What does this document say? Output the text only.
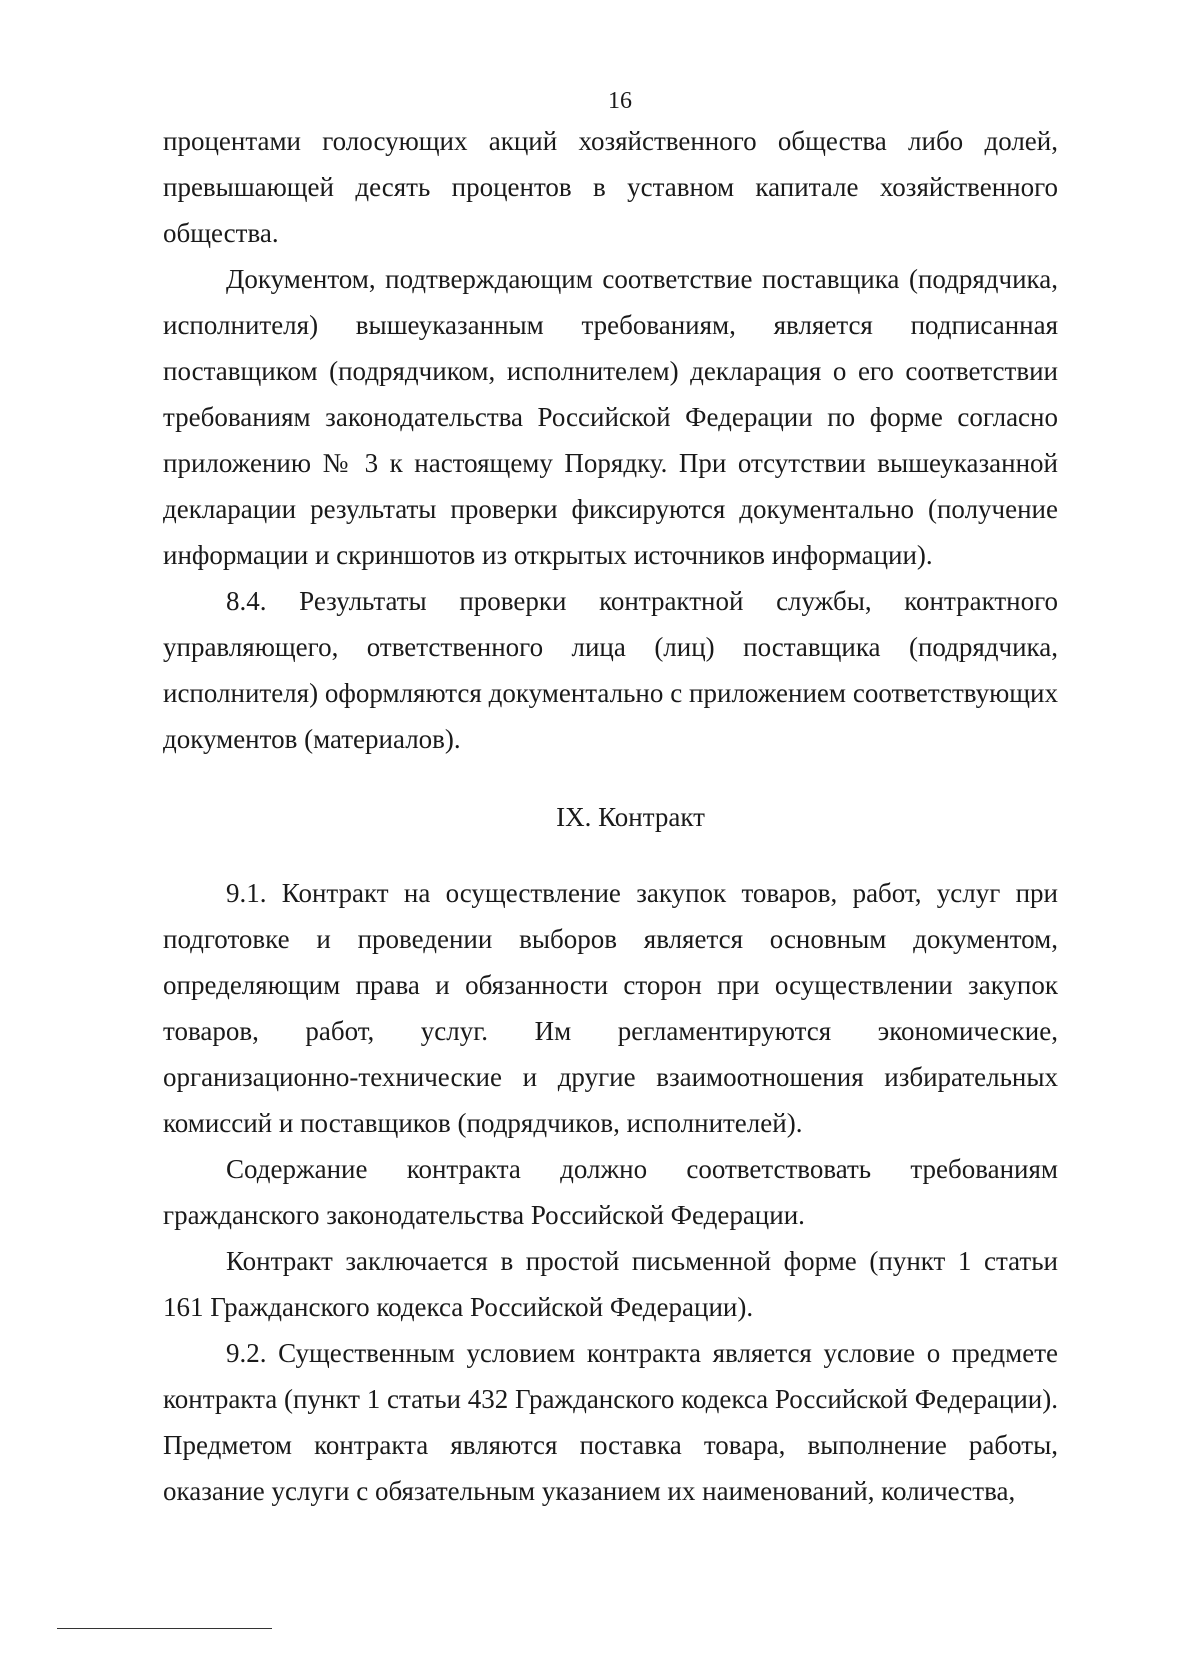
16

процентами голосующих акций хозяйственного общества либо долей, превышающей десять процентов в уставном капитале хозяйственного общества.

Документом, подтверждающим соответствие поставщика (подрядчика, исполнителя) вышеуказанным требованиям, является подписанная поставщиком (подрядчиком, исполнителем) декларация о его соответствии требованиям законодательства Российской Федерации по форме согласно приложению № 3 к настоящему Порядку. При отсутствии вышеуказанной декларации результаты проверки фиксируются документально (получение информации и скриншотов из открытых источников информации).

8.4. Результаты проверки контрактной службы, контрактного управляющего, ответственного лица (лиц) поставщика (подрядчика, исполнителя) оформляются документально с приложением соответствующих документов (материалов).

IX. Контракт

9.1. Контракт на осуществление закупок товаров, работ, услуг при подготовке и проведении выборов является основным документом, определяющим права и обязанности сторон при осуществлении закупок товаров, работ, услуг. Им регламентируются экономические, организационно-технические и другие взаимоотношения избирательных комиссий и поставщиков (подрядчиков, исполнителей).

Содержание контракта должно соответствовать требованиям гражданского законодательства Российской Федерации.

Контракт заключается в простой письменной форме (пункт 1 статьи 161 Гражданского кодекса Российской Федерации).

9.2. Существенным условием контракта является условие о предмете контракта (пункт 1 статьи 432 Гражданского кодекса Российской Федерации). Предметом контракта являются поставка товара, выполнение работы, оказание услуги с обязательным указанием их наименований, количества,
